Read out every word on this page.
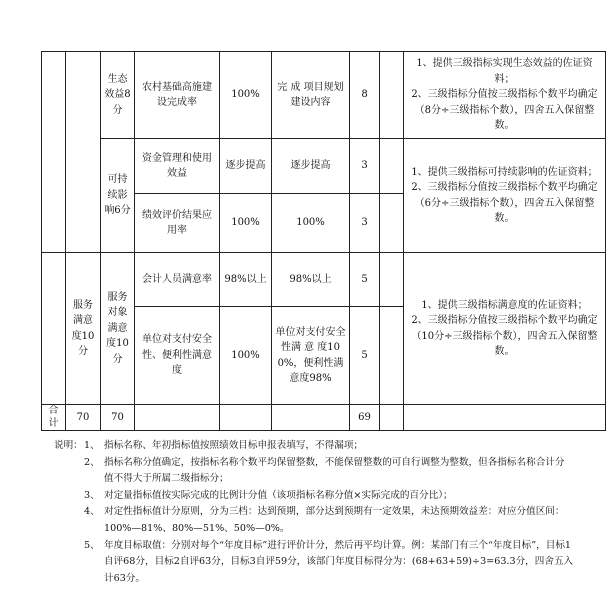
		生态效益8分	农村基础高施建设完成率	100%	完 成 项目规划建设内容	8		1、提供三级指标实现生态效益的佐证资料；
2、三级指标分值按三级指标个数平均确定（8分÷三级指标个数），四舍五入保留整数。

		可持续影响6分	资金管理和使用效益	逐步提高	逐步提高	3		1、提供三级指标可持续影响的佐证资料；
2、三级指标分值按三级指标个数平均确定（6分÷三级指标个数），四舍五入保留整数。

			绩效评价结果应用率	100%	100%	3		
	服务满意度10分	服务对象满意度10分	会计人员满意率	98%以上	98%以上	5		1、提供三级指标满意度的佐证资料；
2、三级指标分值按三级指标个数平均确定（10分÷三级指标个数），四舍五入保留整数。

			单位对支付安全性、便利性满意度	100%	单位对支付安全性满 意 度100%，便利性满意度98%	5		
合计	70	70				69		
说明： 1、 指标名称、年初指标值按照绩效目标申报表填写，不得漏项；
2、 指标名称分值确定，按指标名称个数平均保留整数，不能保留整数的可自行调整为整数，但各指标名称合计分值不得大于所属二级指标分；
3、 对定量指标值按实际完成的比例计分值（该项指标名称分值×实际完成的百分比）；
4、 对定性指标值计分原则，分为三档：达到预期，部分达到预期有一定效果，未达预期效益差：对应分值区间：100%—81%、80%—51%、50%—0%。
5、 年度目标取值：分别对每个“年度目标”进行评价计分，然后再平均计算。例：某部门有三个“年度目标”，目标1自评68分，目标2自评63分，目标3自评59分，该部门年度目标得分为：(68+63+59)÷3=63.3分，四舍五入计63分。
